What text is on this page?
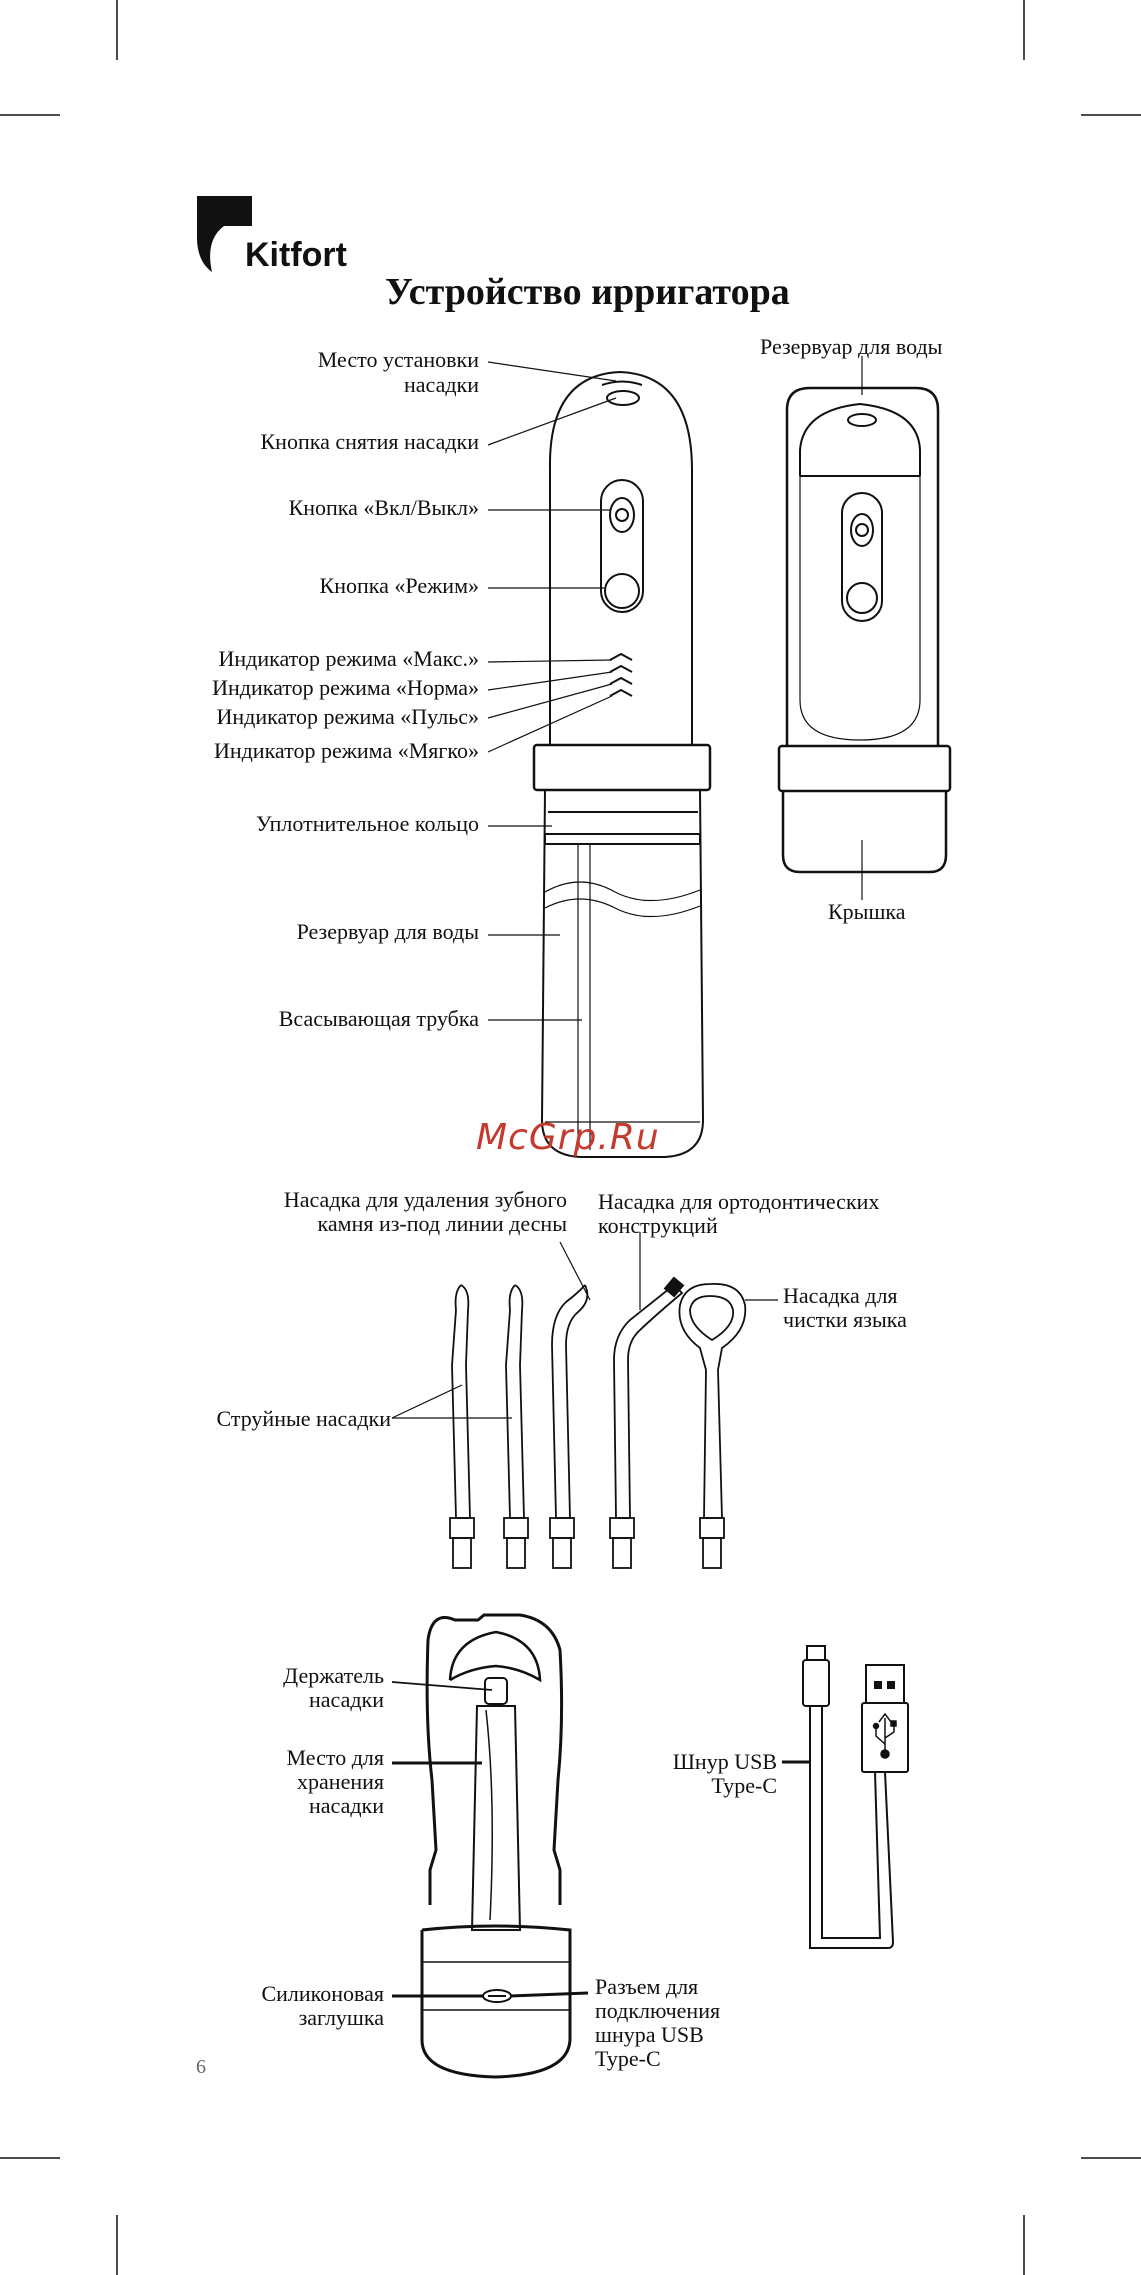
Kitfort
Устройство ирригатора
Место установки
насадки
Кнопка снятия насадки
Кнопка «Вкл/Выкл»
Кнопка «Режим»
Индикатор режима «Макс.»
Индикатор режима «Норма»
Индикатор режима «Пульс»
Индикатор режима «Мягко»
Уплотнительное кольцо
Резервуар для воды
Всасывающая трубка
Резервуар для воды
Крышка
McGrp.Ru
Насадка для удаления зубного
камня из-под линии десны
Насадка для ортодонтических
конструкций
Насадка для
чистки языка
Струйные насадки
Держатель
насадки
Место для
хранения
насадки
Силиконовая
заглушка
Разъем для
подключения
шнура USB
Type-C
Шнур USB
Type-C
6
